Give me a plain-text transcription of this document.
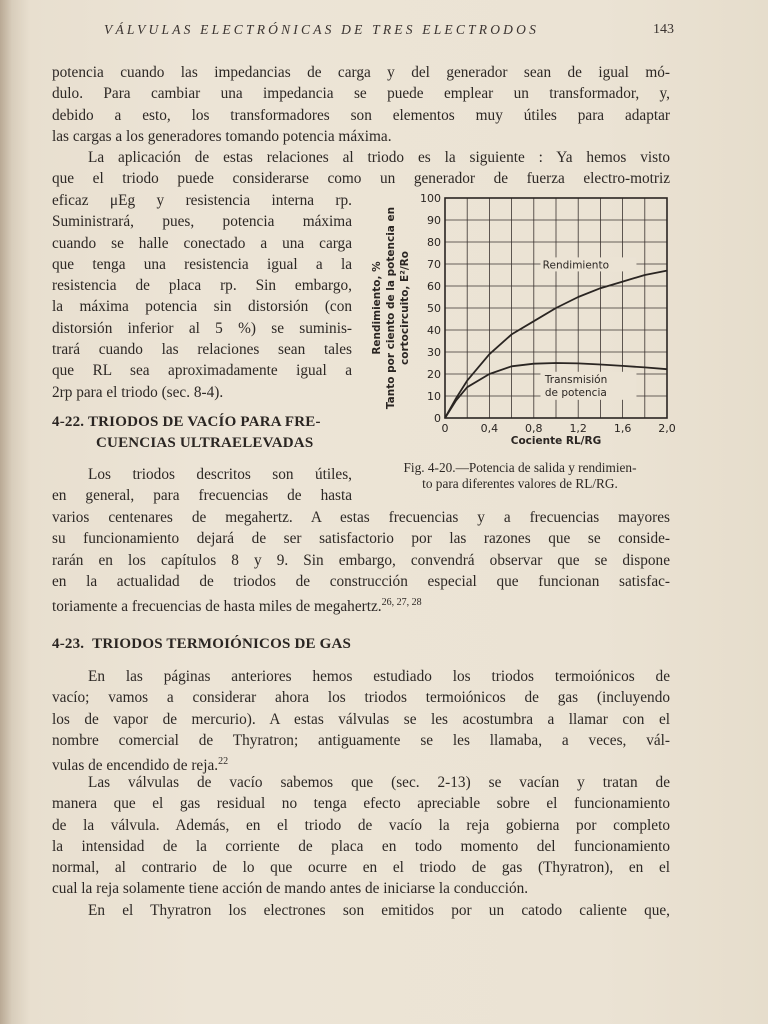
VÁLVULAS ELECTRÓNICAS DE TRES ELECTRODOS	143
potencia cuando las impedancias de carga y del generador sean de igual mó-
dulo. Para cambiar una impedancia se puede emplear un transformador, y,
debido a esto, los transformadores son elementos muy útiles para adaptar
las cargas a los generadores tomando potencia máxima.
La aplicación de estas relaciones al triodo es la siguiente : Ya hemos visto
que el triodo puede considerarse como un generador de fuerza electro-motriz
eficaz μEg y resistencia interna rp.
Suministrará, pues, potencia máxima
cuando se halle conectado a una carga
que tenga una resistencia igual a la
resistencia de placa rp. Sin embargo,
la máxima potencia sin distorsión (con
distorsión inferior al 5 %) se suminis-
trará cuando las relaciones sean tales
que RL sea aproximadamente igual a
2rp para el triodo (sec. 8-4).
4-22. TRIODOS DE VACÍO PARA FRE-
CUENCIAS ULTRAELEVADAS
Los triodos descritos son útiles,
en general, para frecuencias de hasta
varios centenares de megahertz. A estas frecuencias y a frecuencias mayores
su funcionamiento dejará de ser satisfactorio por las razones que se conside-
rarán en los capítulos 8 y 9. Sin embargo, convendrá observar que se dispone
en la actualidad de triodos de construcción especial que funcionan satisfac-
toriamente a frecuencias de hasta miles de megahertz.$^{26, 27, 28}$
4-23. TRIODOS TERMOIÓNICOS DE GAS
En las páginas anteriores hemos estudiado los triodos termoiónicos de
vacío; vamos a considerar ahora los triodos termoiónicos de gas (incluyendo
los de vapor de mercurio). A estas válvulas se les acostumbra a llamar con el
nombre comercial de Thyratron; antiguamente se les llamaba, a veces, vál-
vulas de encendido de reja.$^{22}$
Las válvulas de vacío sabemos que (sec. 2-13) se vacían y tratan de
manera que el gas residual no tenga efecto apreciable sobre el funcionamiento
de la válvula. Además, en el triodo de vacío la reja gobierna por completo
la intensidad de la corriente de placa en todo momento del funcionamiento
normal, al contrario de lo que ocurre en el triodo de gas (Thyratron), en el
cual la reja solamente tiene acción de mando antes de iniciarse la conducción.
En el Thyratron los electrones son emitidos por un catodo caliente que,
0
10
20
30
40
50
60
70
80
90
100
0	0,4 0,8 1,2 1,6 2,0
Cociente RL/RG
Rendimiento, % Tanto por ciento de la potencia en cortocircuito, E²/Ro	Rendimiento
Transmisión
de potencia
Fig. 4-20.—Potencia de salida y rendimien-
to para diferentes valores de RL/RG.
